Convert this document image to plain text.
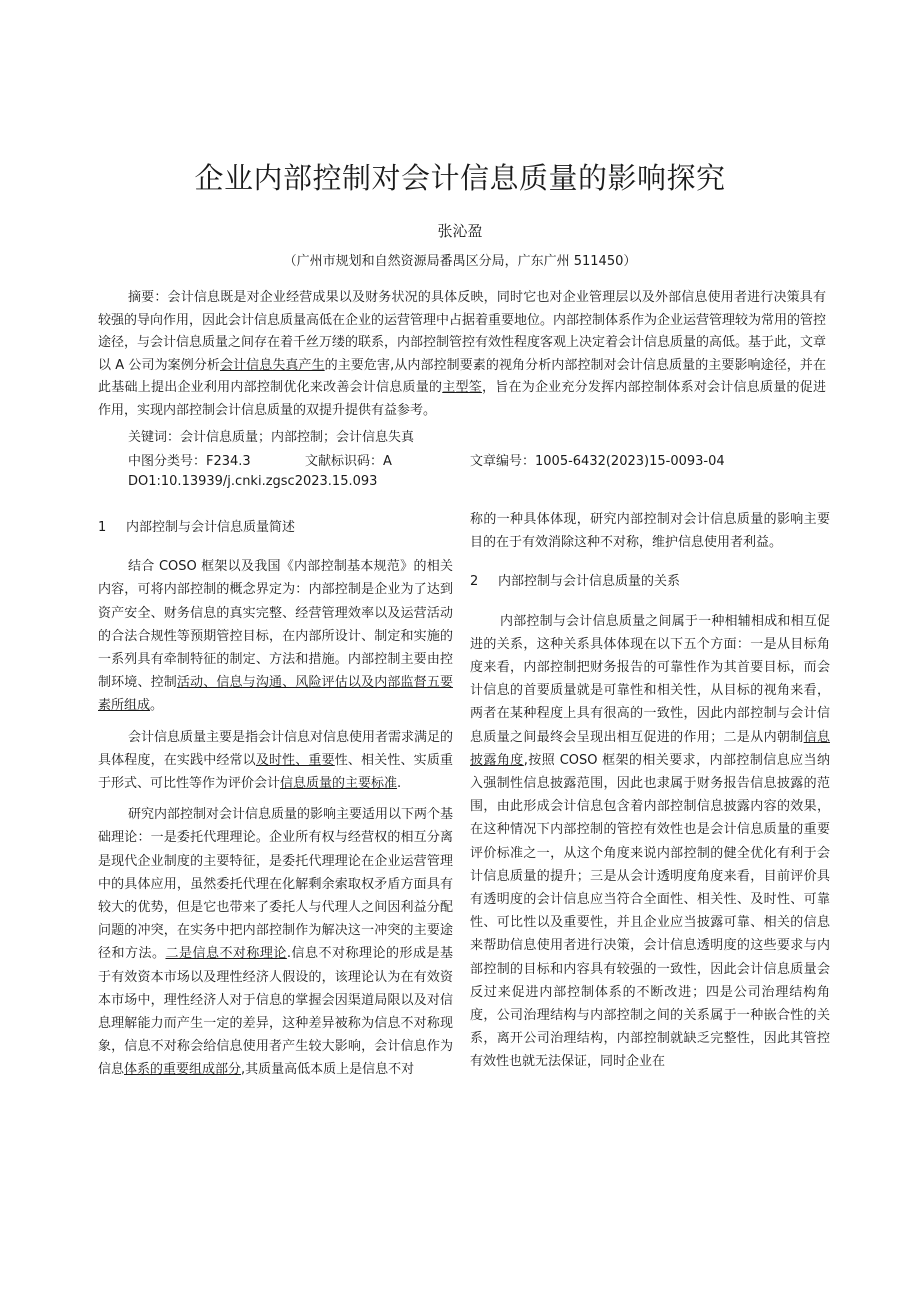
企业内部控制对会计信息质量的影响探究
张沁盈
（广州市规划和自然资源局番禺区分局，广东广州 511450）

摘要：会计信息既是对企业经营成果以及财务状况的具体反映，同时它也对企业管理层以及外部信息使用者进行决策具有较强的导向作用，因此会计信息质量高低在企业的运营管理中占据着重要地位。内部控制体系作为企业运营管理较为常用的管控途径，与会计信息质量之间存在着千丝万缕的联系，内部控制管控有效性程度客观上决定着会计信息质量的高低。基于此，文章以 A 公司为案例分析会计信息失真产生的主要危害,从内部控制要素的视角分析内部控制对会计信息质量的主要影响途径，并在此基础上提出企业利用内部控制优化来改善会计信息质量的主型筌，旨在为企业充分发挥内部控制体系对会计信息质量的促进作用，实现内部控制会计信息质量的双提升提供有益参考。

关键词：会计信息质量；内部控制；会计信息失真
中图分类号：F234.3	文献标识码：A	文章编号：1005-6432(2023)15-0093-04
DO1:10.13939/j.cnki.zgsc2023.15.093
1 内部控制与会计信息质量简述

结合 COSO 框架以及我国《内部控制基本规范》的相关内容，可将内部控制的概念界定为：内部控制是企业为了达到资产安全、财务信息的真实完整、经营管理效率以及运营活动的合法合规性等预期管控目标，在内部所设计、制定和实施的一系列具有牵制特征的制定、方法和措施。内部控制主要由控制环境、控制活动、信息与沟通、风险评估以及内部监督五要素所组成。

会计信息质量主要是指会计信息对信息使用者需求满足的具体程度，在实践中经常以及时性、重要性、相关性、实质重于形式、可比性等作为评价会计信息质量的主要标准.

研究内部控制对会计信息质量的影响主要适用以下两个基础理论：一是委托代理理论。企业所有权与经营权的相互分离是现代企业制度的主要特征，是委托代理理论在企业运营管理中的具体应用，虽然委托代理在化解剩余索取权矛盾方面具有较大的优势，但是它也带来了委托人与代理人之间因利益分配问题的冲突，在实务中把内部控制作为解决这一冲突的主要途径和方法。二是信息不对称理论.信息不对称理论的形成是基于有效资本市场以及理性经济人假设的，该理论认为在有效资本市场中，理性经济人对于信息的掌握会因渠道局限以及对信息理解能力而产生一定的差异，这种差异被称为信息不对称现象，信息不对称会给信息使用者产生较大影响，会计信息作为信息体系的重要组成部分,其质量高低本质上是信息不对

称的一种具体体现，研究内部控制对会计信息质量的影响主要目的在于有效消除这种不对称，维护信息使用者利益。

2 内部控制与会计信息质量的关系

内部控制与会计信息质量之间属于一种相辅相成和相互促进的关系，这种关系具体体现在以下五个方面：一是从目标角度来看，内部控制把财务报告的可靠性作为其首要目标，而会计信息的首要质量就是可靠性和相关性，从目标的视角来看，两者在某种程度上具有很高的一致性，因此内部控制与会计信息质量之间最终会呈现出相互促进的作用；二是从内朝制信息披露角度,按照 COSO 框架的相关要求，内部控制信息应当纳入强制性信息披露范围，因此也隶属于财务报告信息披露的范围，由此形成会计信息包含着内部控制信息披露内容的效果，在这种情况下内部控制的管控有效性也是会计信息质量的重要评价标准之一，从这个角度来说内部控制的健全优化有利于会计信息质量的提升；三是从会计透明度角度来看，目前评价具有透明度的会计信息应当符合全面性、相关性、及时性、可靠性、可比性以及重要性，并且企业应当披露可靠、相关的信息来帮助信息使用者进行决策，会计信息透明度的这些要求与内部控制的目标和内容具有较强的一致性，因此会计信息质量会反过来促进内部控制体系的不断改进；四是公司治理结构角度，公司治理结构与内部控制之间的关系属于一种嵌合性的关系，离开公司治理结构，内部控制就缺乏完整性，因此其管控有效性也就无法保证，同时企业在
